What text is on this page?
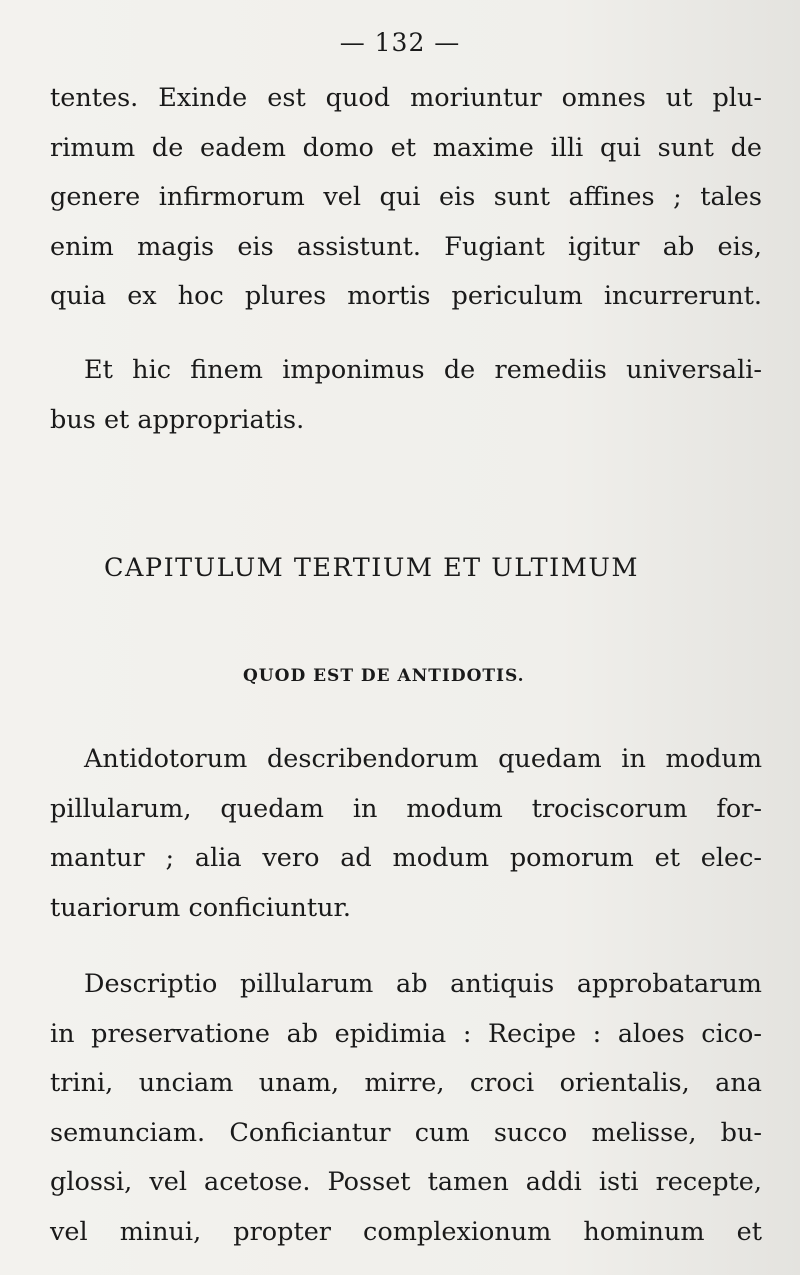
— 132 —
tentes. Exinde est quod moriuntur omnes ut plu-
rimum de eadem domo et maxime illi qui sunt de
genere infirmorum vel qui eis sunt affines ; tales
enim magis eis assistunt. Fugiant igitur ab eis,
quia ex hoc plures mortis periculum incurrerunt.
Et hic finem imponimus de remediis universali-
bus et appropriatis.
CAPITULUM TERTIUM ET ULTIMUM
QUOD EST DE ANTIDOTIS.
Antidotorum describendorum quedam in modum
pillularum, quedam in modum trociscorum for-
mantur ; alia vero ad modum pomorum et elec-
tuariorum conficiuntur.
Descriptio pillularum ab antiquis approbatarum
in preservatione ab epidimia : Recipe : aloes cico-
trini, unciam unam, mirre, croci orientalis, ana
semunciam. Conficiantur cum succo melisse, bu-
glossi, vel acetose. Posset tamen addi isti recepte,
vel minui, propter complexionum hominum et
